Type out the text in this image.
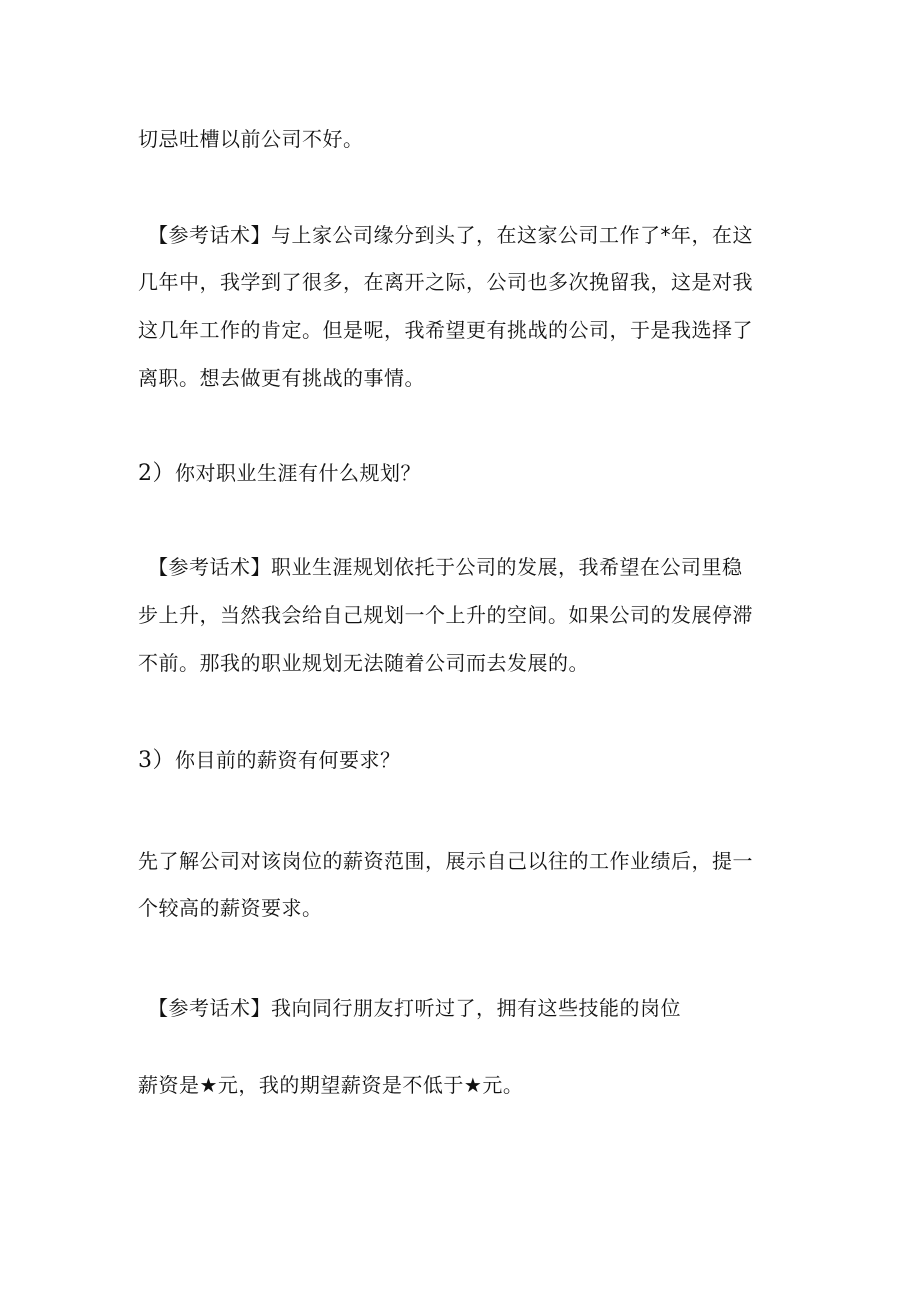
切忌吐槽以前公司不好。
【参考话术】与上家公司缘分到头了，在这家公司工作了*年，在这
几年中，我学到了很多，在离开之际，公司也多次挽留我，这是对我
这几年工作的肯定。但是呢，我希望更有挑战的公司，于是我选择了
离职。想去做更有挑战的事情。
2）你对职业生涯有什么规划？
【参考话术】职业生涯规划依托于公司的发展，我希望在公司里稳
步上升，当然我会给自己规划一个上升的空间。如果公司的发展停滞
不前。那我的职业规划无法随着公司而去发展的。
3）你目前的薪资有何要求？
先了解公司对该岗位的薪资范围，展示自己以往的工作业绩后，提一
个较高的薪资要求。
【参考话术】我向同行朋友打听过了，拥有这些技能的岗位
薪资是★元，我的期望薪资是不低于★元。
